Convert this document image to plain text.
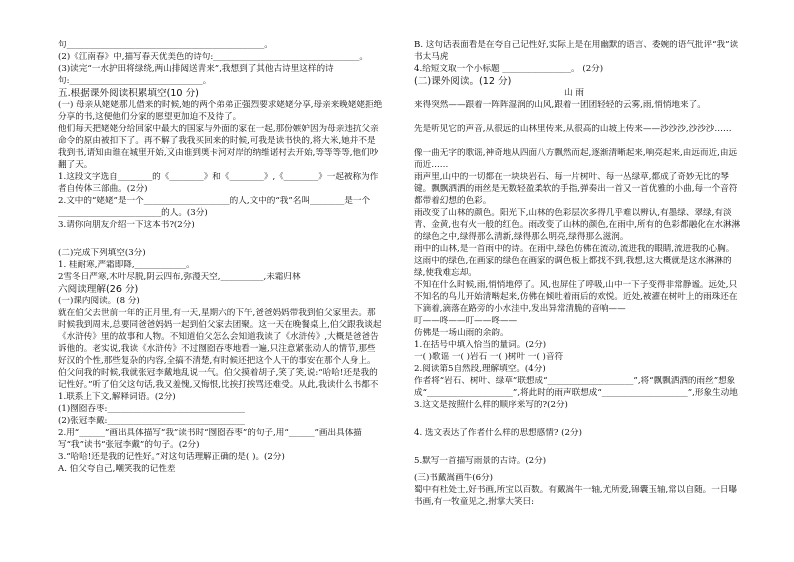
句______________________________________________。
(2)《江南春》中,描写春天优美色的诗句:__________________________________。
(3)读完“一水护田将绿绕,两山排闼送青来”,我想到了其他古诗里这样的诗句:_______________________________。
五.根据课外阅读积累填空(10 分)
(一) 母亲从姥姥那儿借来的时候,她的两个弟弟正强烈要求姥姥分享,母亲来晚姥姥拒绝分享的书,这便他们分家的愿望更加迫不及待了。
他们每天把姥姥分给回家中最大的国家与外面的家在一起,那份嫉妒因为母亲违抗父亲命令的原由被扣下了。再不解了我我买回来的时候,可我是读书快的,将大米,她并不是
我到书,请知由谁在城里开始,又由谁到奥卡河对岸的纳维诺村去开始,等等等等,他们吵翻了天。
1.这段文字选自________的《________》和《________》,《________》一起被称为作者自传体三部曲。(2分)
2.文中的“姥姥”是一个____________________的人,文中的“我”名叫________是一个________________________的人。(3分)
3.请你向朋友介绍一下这本书?(2分)
(二)完成下列填空(3分)
1. 桂耐寒,严霜即降,____________。
2雪冬日严寒,木叶尽脱,阴云四布,弥漫天空,__________,未霜归林
六阅读理解(26 分)
(一)课内阅读。(8 分)
就在伯父去世前一年的正月里,有一天,星期六的下午,爸爸妈妈带我到伯父家里去。那时候我到周末,总要同爸爸妈妈一起到伯父家去团聚。这一天在晚餐桌上,伯父跟我谈起《水浒传》里的故事和人物。不知道伯父怎么会知道我读了《水浒传》,大概是爸爸告诉他的。老实说,我读《水浒传》不过囫囵吞枣地看一遍,只注意紧张动人的情节,那些好汉的个性,那些复杂的内容,全搞不清楚,有时候还把这个人干的事安在那个人身上。伯父问我的时候,我就张冠李戴地乱说一气。伯父摸着胡子,笑了笑,说:“哈哈!还是我的记性好。”听了伯父这句话,我又羞愧,又悔恨,比挨打挨骂还难受。从此,我读什么书都不
1.联系上下文,解释词语。(2分)
(1)囫囵吞枣:________________________________
(2)张冠李戴:________________________________
2.用“______”画出具体描写“我”读书时“囫囵吞枣”的句子,用“______”画出具体描写“我”读书“张冠李戴”的句子。(2分)
3.“哈哈!还是我的记性好。”对这句话理解正确的是( )。(2分)
A. 伯父夸自己,嘲笑我的记性差
B. 这句话表面看是在夸自己记性好,实际上是在用幽默的语言、委婉的语气批评“我”读书太马虎
4.给短文取一个小标题 ________________。 (2分)
(二)课外阅读。(12 分)
山 雨
来得突然——跟着一阵阵湿润的山风,跟着一团团轻轻的云雾,雨,悄悄地来了。
先是听见它的声音,从很远的山林里传来,从很高的山坡上传来——沙沙沙,沙沙沙……
像一曲无字的歌谣,神奇地从四面八方飘然而起,逐渐清晰起来,响亮起来,由远而近,由远而近……
雨声里,山中的一切都在一块块岩石、每一片树叶、每一丛绿草,都成了奇妙无比的琴键。飘飘洒洒的雨丝是无数轻盈柔软的手指,弹奏出一首又一首优雅的小曲,每一个音符都带着幻想的色彩。
雨改变了山林的颜色。阳光下,山林的色彩层次多得几乎难以辨认,有墨绿、翠绿,有淡青、金黄,也有火一般的红色。雨改变了山林的颜色,在雨中,所有的色彩都融化在水淋淋的绿色之中,绿得那么清新,绿得那么明亮,绿得那么滋润。
雨中的山林,是一首雨中的诗。在雨中,绿色仿佛在流动,流进我的眼睛,流进我的心胸。
这雨中的绿色,在画家的绿色在画家的调色板上都找不到,我想,这大概就是这水淋淋的绿,使我难忘却。
不知在什么时候,雨,悄悄地停了。风,也屏住了呼吸,山中一下子变得非常静谧。远处,只不知名的鸟儿开始清啭起来,仿佛在倾吐着雨后的欢悦。近处,被濯在树叶上的雨珠还在下滴着,滴落在路旁的小水洼中,发出异常清脆的音响——
叮——咚——叮——咚——
仿佛是一场山雨的余韵。
1.在括号中填入恰当的量词。(2分)
一( )歌谣 一( )岩石 一( )树叶 一( )音符
2.阅读第5自然段,理解填空。(4分)
作者将“岩石、树叶、绿草”联想成“____________________”,将“飘飘洒洒的雨丝”想象成“____________________”,将此时的雨声联想成“____________________”,形象生动地
3.这文是按照什么样的顺序来写的?(2分)
4. 选文表达了作者什么样的思想感情? (2分)
5.默写一首描写雨景的古诗。(2分)
(三)书戴嵩画牛(6分)
蜀中有杜处士,好书画,所宝以百数。有戴嵩牛一轴,尤所爱,锦囊玉轴,常以自随。一日曝书画,有一牧童见之,拊掌大笑曰:
